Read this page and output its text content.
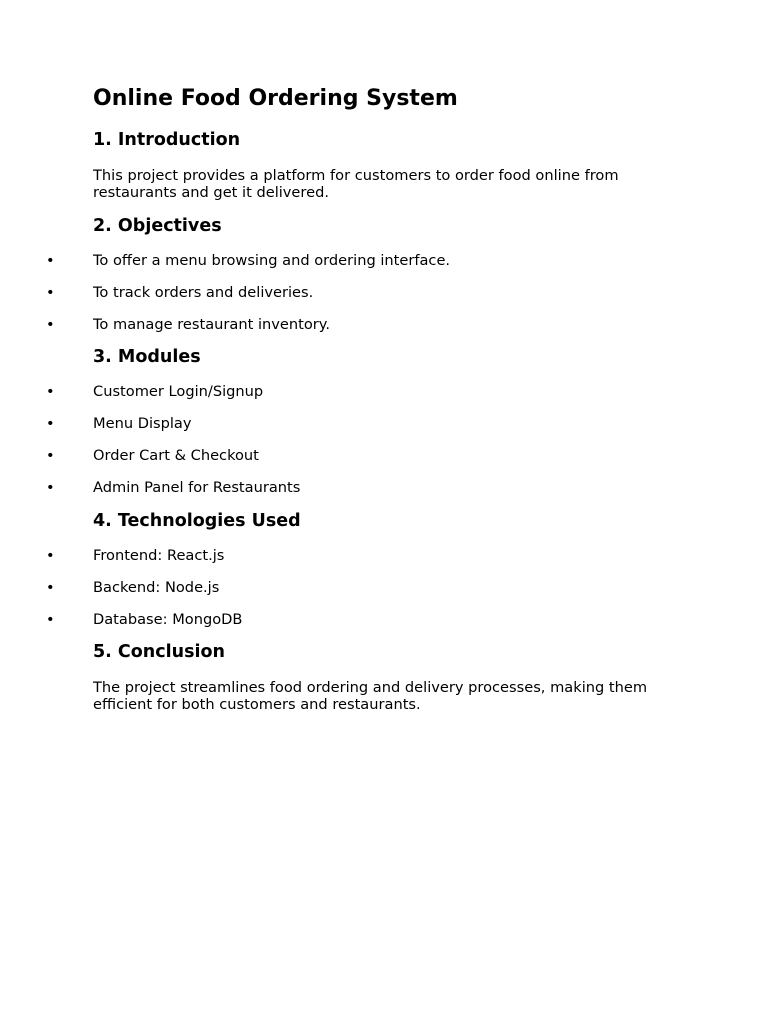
Online Food Ordering System
1. Introduction

This project provides a platform for customers to order food online from restaurants and get it delivered.

2. Objectives
•	To offer a menu browsing and ordering interface.
•	To track orders and deliveries.
•	To manage restaurant inventory.
3. Modules
•	Customer Login/Signup
•	Menu Display
•	Order Cart & Checkout
•	Admin Panel for Restaurants
4. Technologies Used
•	Frontend: React.js
•	Backend: Node.js
•	Database: MongoDB
5. Conclusion

The project streamlines food ordering and delivery processes, making them efficient for both customers and restaurants.
